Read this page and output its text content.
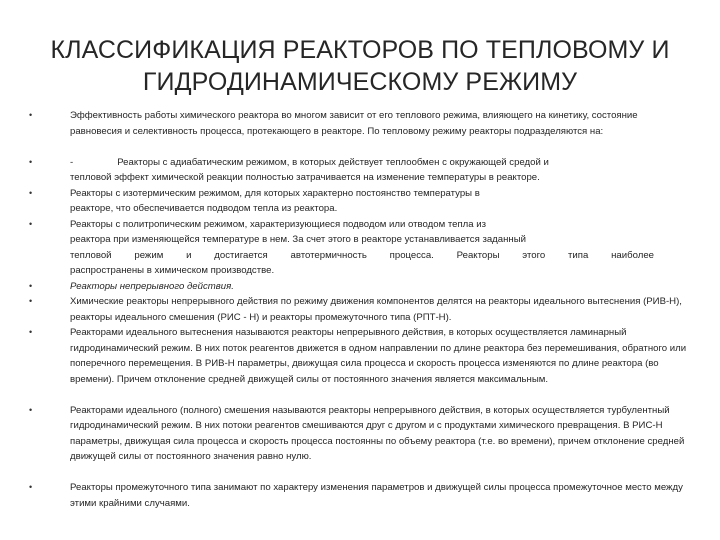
КЛАССИФИКАЦИЯ РЕАКТОРОВ ПО ТЕПЛОВОМУ И
ГИДРОДИНАМИЧЕСКОМУ РЕЖИМУ
•	Эффективность работы химического реактора во многом зависит от его теплового режима, влияющего на кинетику, состояние равновесия и селективность процесса, протекающего в реакторе. По тепловому режиму реакторы подразделяются на:

•	-	Реакторы с адиабатическим режимом, в которых действует теплообмен с окружающей средой и
тепловой эффект химической реакции полностью затрачивается на изменение температуры в реакторе.

•	Реакторы с изотермическим режимом, для которых характерно постоянство температуры в реакторе, что обеспечивается подводом тепла из реактора.

•	Реакторы с политропическим режимом, характеризующиеся подводом или отводом тепла из
реактора при изменяющейся температуре в нем. За счет этого в реакторе устанавливается заданный

тепловой режим и достигается автотермичность процесса. Реакторы этого типа наиболее
распространены в химическом производстве.

•	Реакторы непрерывного действия.

•	Химические реакторы непрерывного действия по режиму движения компонентов делятся на реакторы идеального вытеснения (РИВ-Н), реакторы идеального смешения (РИС - Н) и реакторы промежуточного типа (РПТ-Н).

•	Реакторами идеального вытеснения называются реакторы непрерывного действия, в которых осуществляется ламинарный гидродинамический режим. В них поток реагентов движется в одном направлении по длине реактора без перемешивания, обратного или поперечного перемещения. В РИВ-Н параметры, движущая сила процесса и скорость процесса изменяются по длине реактора (во времени). Причем отклонение средней движущей силы от постоянного значения является максимальным.

•	Реакторами идеального (полного) смешения называются реакторы непрерывного действия, в которых осуществляется турбулентный гидродинамический режим. В них потоки реагентов смешиваются друг с другом и с продуктами химического превращения. В РИС-Н параметры, движущая сила процесса и скорость процесса постоянны по объему реактора (т.е. во времени), причем отклонение средней движущей силы от постоянного значения равно нулю.

•	Реакторы промежуточного типа занимают по характеру изменения параметров и движущей силы процесса промежуточное место между этими крайними случаями.
